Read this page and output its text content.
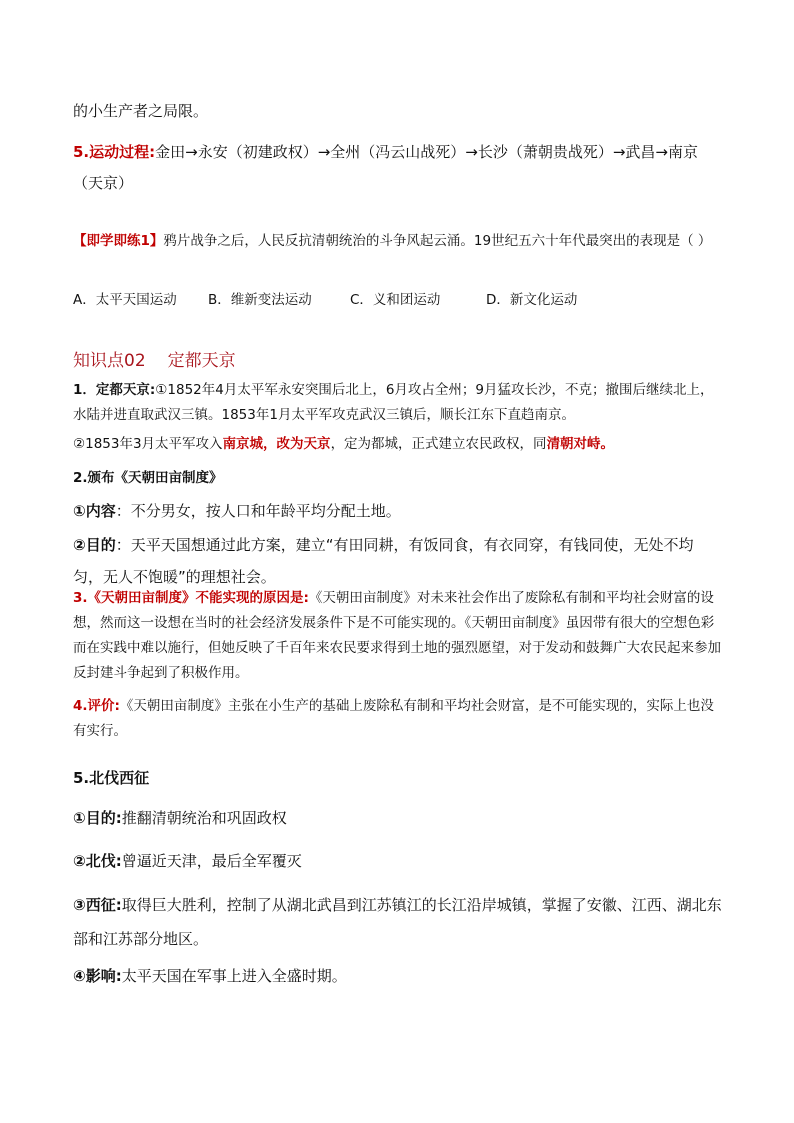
的小生产者之局限。

5.运动过程:金田→永安（初建政权）→全州（冯云山战死）→长沙（萧朝贵战死）→武昌→南京（天京）

【即学即练1】鸦片战争之后，人民反抗清朝统治的斗争风起云涌。19世纪五六十年代最突出的表现是（ ）

A．太平天国运动 B．维新变法运动	C．义和团运动	D．新文化运动
知识点02 定都天京

1．定都天京:①1852年4月太平军永安突围后北上，6月攻占全州；9月猛攻长沙，不克；撤围后继续北上，水陆并进直取武汉三镇。1853年1月太平军攻克武汉三镇后，顺长江东下直趋南京。

②1853年3月太平军攻入南京城，改为天京，定为都城，正式建立农民政权，同清朝对峙。

2.颁布《天朝田亩制度》

①内容：不分男女，按人口和年龄平均分配土地。

②目的：天平天国想通过此方案，建立“有田同耕，有饭同食，有衣同穿，有钱同使，无处不均匀，无人不饱暖”的理想社会。

3.《天朝田亩制度》不能实现的原因是:《天朝田亩制度》对未来社会作出了废除私有制和平均社会财富的设想，然而这一设想在当时的社会经济发展条件下是不可能实现的。《天朝田亩制度》虽因带有很大的空想色彩而在实践中难以施行，但她反映了千百年来农民要求得到土地的强烈愿望，对于发动和鼓舞广大农民起来参加反封建斗争起到了积极作用。

4.评价:《天朝田亩制度》主张在小生产的基础上废除私有制和平均社会财富，是不可能实现的，实际上也没有实行。

5.北伐西征

①目的:推翻清朝统治和巩固政权

②北伐:曾逼近天津，最后全军覆灭

③西征:取得巨大胜利，控制了从湖北武昌到江苏镇江的长江沿岸城镇，掌握了安徽、江西、湖北东部和江苏部分地区。

④影响:太平天国在军事上进入全盛时期。
